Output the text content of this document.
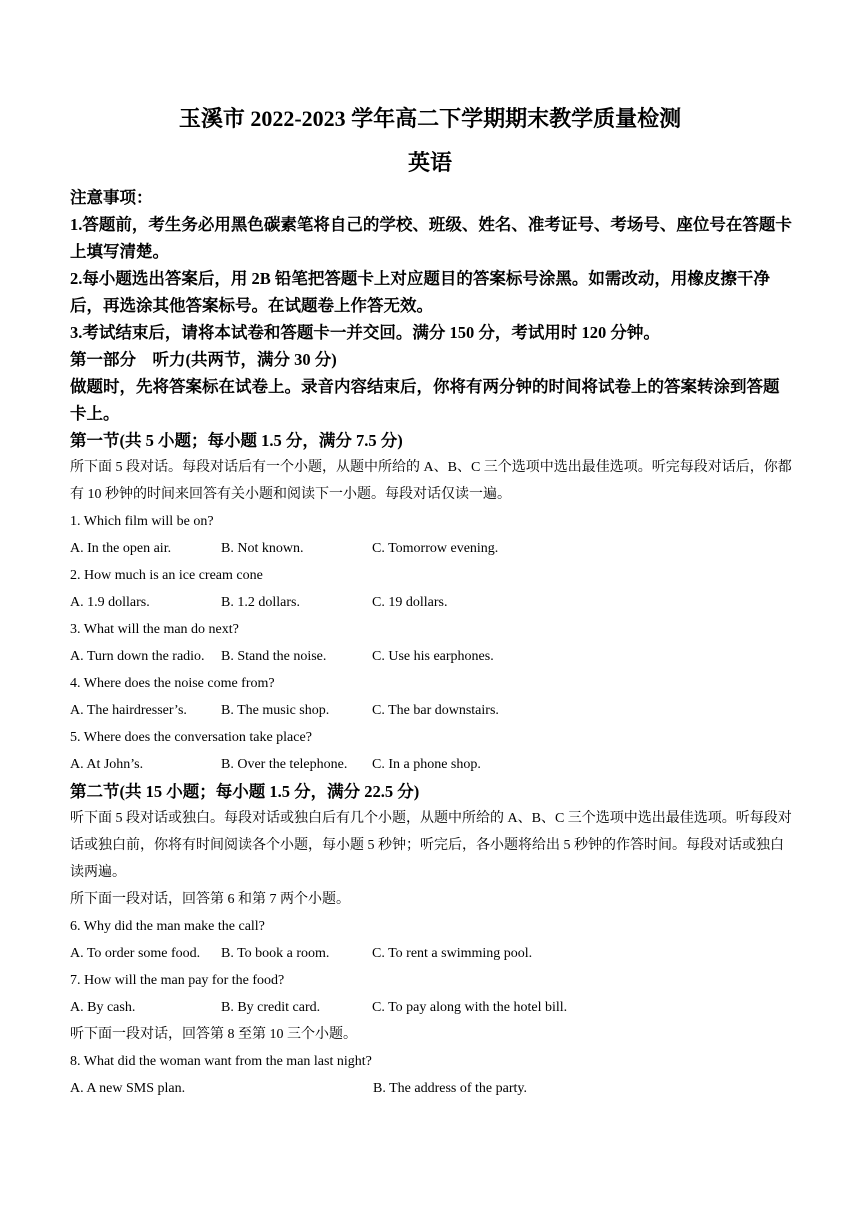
玉溪市 2022-2023 学年高二下学期期末教学质量检测
英语

注意事项：

1.答题前，考生务必用黑色碳素笔将自己的学校、班级、姓名、准考证号、考场号、座位号在答题卡上填写清楚。

2.每小题选出答案后，用 2B 铅笔把答题卡上对应题目的答案标号涂黑。如需改动，用橡皮擦干净后，再选涂其他答案标号。在试题卷上作答无效。

3.考试结束后，请将本试卷和答题卡一并交回。满分 150 分，考试用时 120 分钟。

第一部分　听力(共两节，满分 30 分)

做题时，先将答案标在试卷上。录音内容结束后，你将有两分钟的时间将试卷上的答案转涂到答题卡上。

第一节(共 5 小题；每小题 1.5 分，满分 7.5 分)

所下面 5 段对话。每段对话后有一个小题，从题中所给的 A、B、C 三个选项中选出最佳选项。听完每段对话后，你都有 10 秒钟的时间来回答有关小题和阅读下一小题。每段对话仅读一遍。

1. Which film will be on?

A. In the open air.	B. Not known.	C. Tomorrow evening.

2. How much is an ice cream cone

A. 1.9 dollars.	B. 1.2 dollars.	C. 19 dollars.

3. What will the man do next?

A. Turn down the radio.	B. Stand the noise.	C. Use his earphones.

4. Where does the noise come from?

A. The hairdresser’s.	B. The music shop.	C. The bar downstairs.

5. Where does the conversation take place?

A. At John’s.	B. Over the telephone.	C. In a phone shop.

第二节(共 15 小题；每小题 1.5 分，满分 22.5 分)

听下面 5 段对话或独白。每段对话或独白后有几个小题，从题中所给的 A、B、C 三个选项中选出最佳选项。听每段对话或独白前，你将有时间阅读各个小题，每小题 5 秒钟；听完后，各小题将给出 5 秒钟的作答时间。每段对话或独白读两遍。

所下面一段对话，回答第 6 和第 7 两个小题。

6. Why did the man make the call?

A. To order some food.	B. To book a room.	C. To rent a swimming pool.

7. How will the man pay for the food?

A. By cash.	B. By credit card.	C. To pay along with the hotel bill.

听下面一段对话，回答第 8 至第 10 三个小题。

8. What did the woman want from the man last night?

A. A new SMS plan.	B. The address of the party.
